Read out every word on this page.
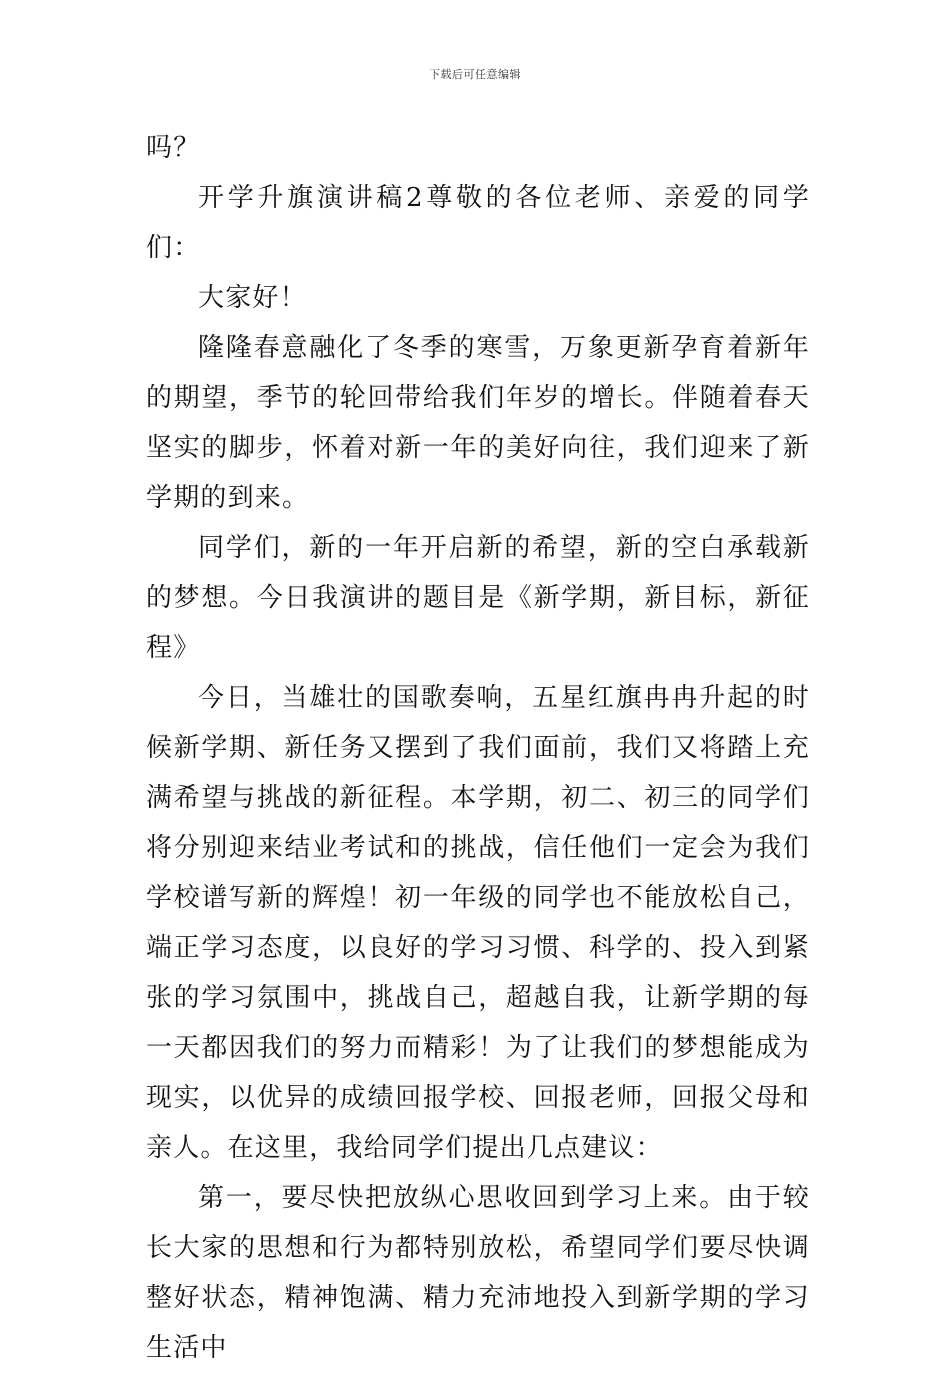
下载后可任意编辑

吗？

开学升旗演讲稿2尊敬的各位老师、亲爱的同学们：

大家好！

隆隆春意融化了冬季的寒雪，万象更新孕育着新年的期望，季节的轮回带给我们年岁的增长。伴随着春天坚实的脚步，怀着对新一年的美好向往，我们迎来了新学期的到来。

同学们，新的一年开启新的希望，新的空白承载新的梦想。今日我演讲的题目是《新学期，新目标，新征程》

今日，当雄壮的国歌奏响，五星红旗冉冉升起的时候新学期、新任务又摆到了我们面前，我们又将踏上充满希望与挑战的新征程。本学期，初二、初三的同学们将分别迎来结业考试和的挑战，信任他们一定会为我们学校谱写新的辉煌！初一年级的同学也不能放松自己，端正学习态度，以良好的学习习惯、科学的、投入到紧张的学习氛围中，挑战自己，超越自我，让新学期的每一天都因我们的努力而精彩！为了让我们的梦想能成为现实，以优异的成绩回报学校、回报老师，回报父母和亲人。在这里，我给同学们提出几点建议：

第一，要尽快把放纵心思收回到学习上来。由于较长大家的思想和行为都特别放松，希望同学们要尽快调整好状态，精神饱满、精力充沛地投入到新学期的学习生活中
